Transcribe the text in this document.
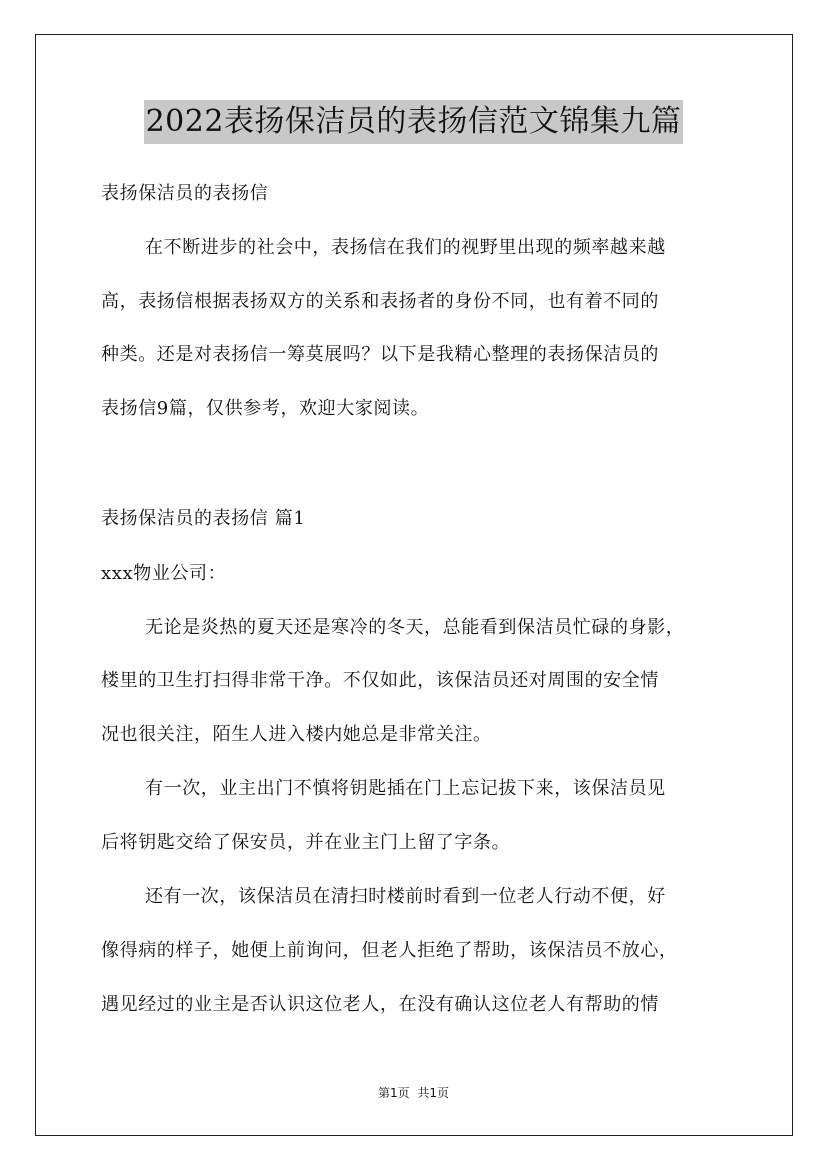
2022表扬保洁员的表扬信范文锦集九篇
表扬保洁员的表扬信
在不断进步的社会中，表扬信在我们的视野里出现的频率越来越
高，表扬信根据表扬双方的关系和表扬者的身份不同，也有着不同的
种类。还是对表扬信一筹莫展吗？以下是我精心整理的表扬保洁员的
表扬信9篇，仅供参考，欢迎大家阅读。
表扬保洁员的表扬信 篇1
xxx物业公司：
无论是炎热的夏天还是寒冷的冬天，总能看到保洁员忙碌的身影，
楼里的卫生打扫得非常干净。不仅如此，该保洁员还对周围的安全情
况也很关注，陌生人进入楼内她总是非常关注。
有一次，业主出门不慎将钥匙插在门上忘记拔下来，该保洁员见
后将钥匙交给了保安员，并在业主门上留了字条。
还有一次，该保洁员在清扫时楼前时看到一位老人行动不便，好
像得病的样子，她便上前询问，但老人拒绝了帮助，该保洁员不放心，
遇见经过的业主是否认识这位老人，在没有确认这位老人有帮助的情
第1页 共1页
